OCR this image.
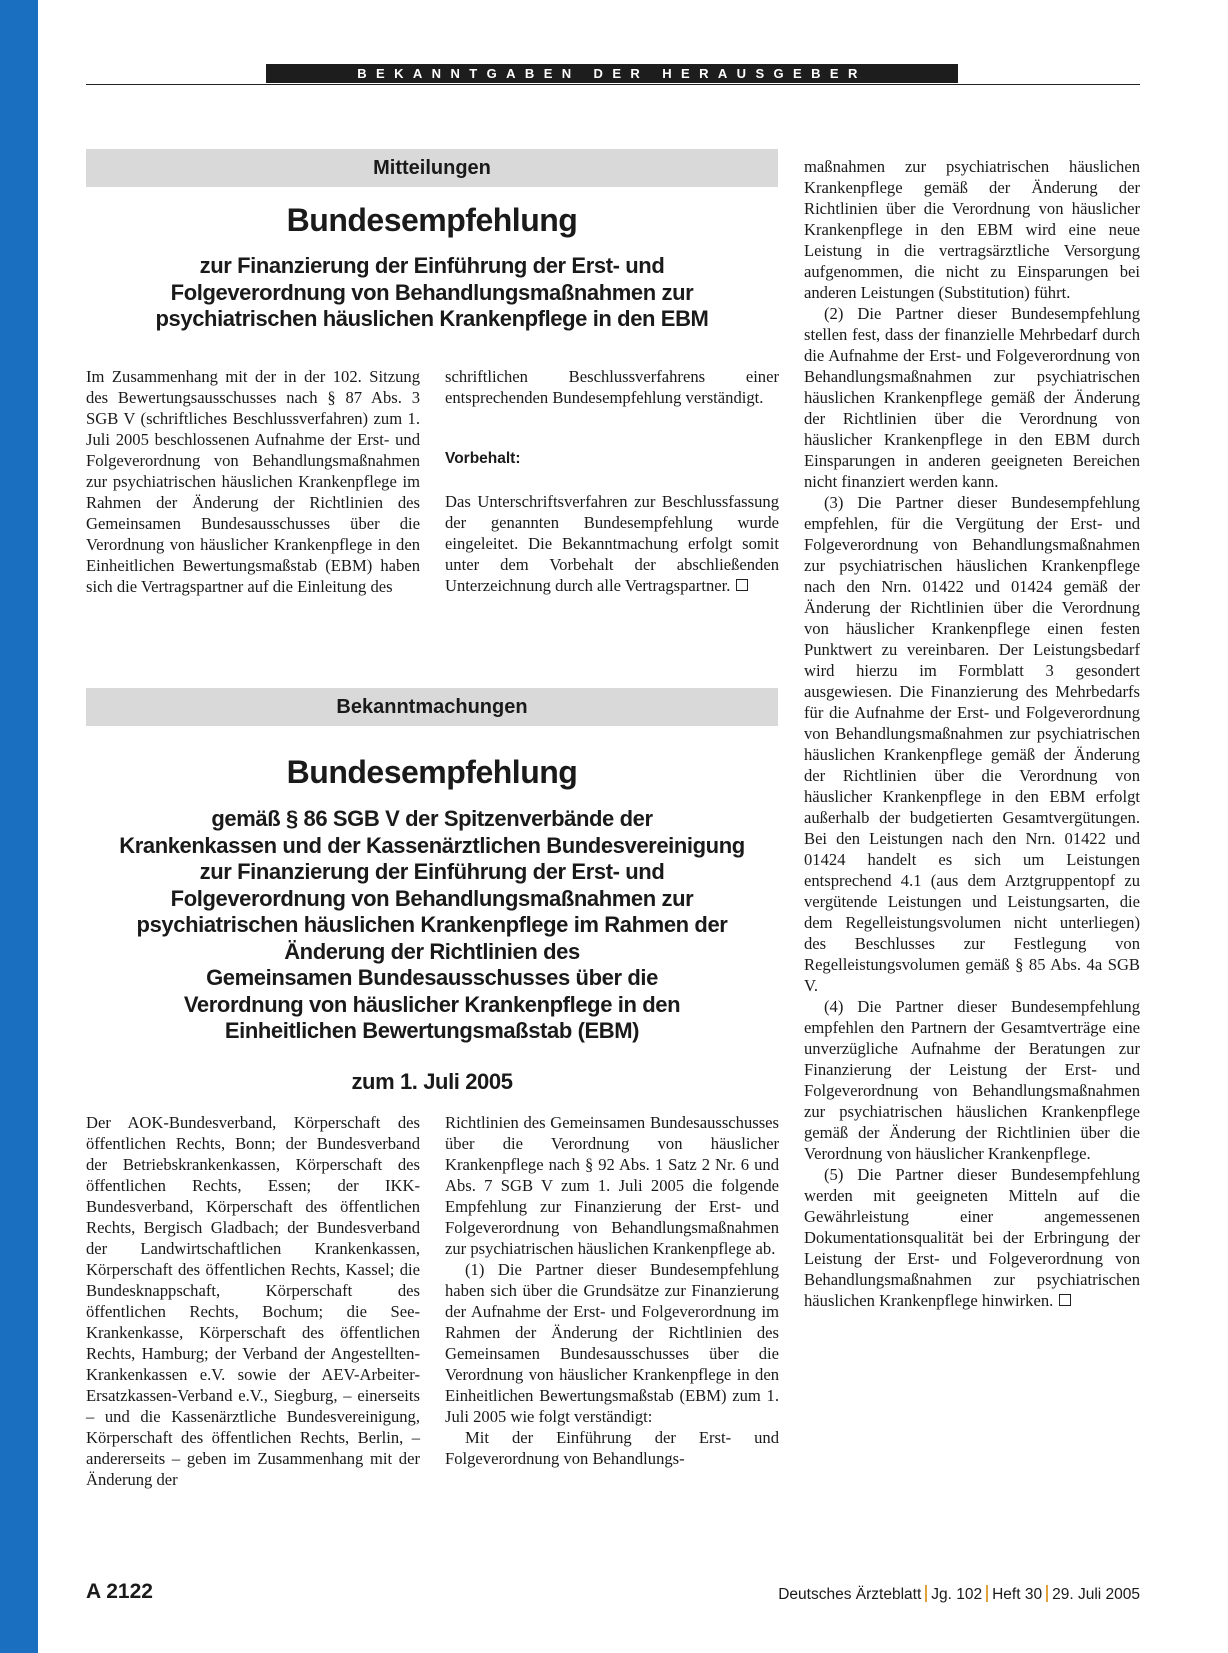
BEKANNTGABEN DER HERAUSGEBER
Mitteilungen
Bundesempfehlung
zur Finanzierung der Einführung der Erst- und
Folgeverordnung von Behandlungsmaßnahmen zur
psychiatrischen häuslichen Krankenpflege in den EBM

Im Zusammenhang mit der in der 102. Sitzung des Bewertungsausschusses nach § 87 Abs. 3 SGB V (schriftliches Beschlussverfahren) zum 1. Juli 2005 beschlossenen Aufnahme der Erst- und Folgeverordnung von Behandlungsmaßnahmen zur psychiatrischen häuslichen Krankenpflege im Rahmen der Änderung der Richtlinien des Gemeinsamen Bundesausschusses über die Verordnung von häuslicher Krankenpflege in den Einheitlichen Bewertungsmaßstab (EBM) haben sich die Vertragspartner auf die Einleitung des

schriftlichen Beschlussverfahrens einer entsprechenden Bundesempfehlung verständigt.

Vorbehalt:

Das Unterschriftsverfahren zur Beschlussfassung der genannten Bundesempfehlung wurde eingeleitet. Die Bekanntmachung erfolgt somit unter dem Vorbehalt der abschließenden Unterzeichnung durch alle Vertragspartner.

Bekanntmachungen
Bundesempfehlung
gemäß § 86 SGB V der Spitzenverbände der
Krankenkassen und der Kassenärztlichen Bundesvereinigung
zur Finanzierung der Einführung der Erst- und
Folgeverordnung von Behandlungsmaßnahmen zur
psychiatrischen häuslichen Krankenpflege im Rahmen der
Änderung der Richtlinien des
Gemeinsamen Bundesausschusses über die
Verordnung von häuslicher Krankenpflege in den
Einheitlichen Bewertungsmaßstab (EBM)
zum 1. Juli 2005

Der AOK-Bundesverband, Körperschaft des öffentlichen Rechts, Bonn; der Bundesverband der Betriebskrankenkassen, Körperschaft des öffentlichen Rechts, Essen; der IKK-Bundesverband, Körperschaft des öffentlichen Rechts, Bergisch Gladbach; der Bundesverband der Landwirtschaftlichen Krankenkassen, Körperschaft des öffentlichen Rechts, Kassel; die Bundesknappschaft, Körperschaft des öffentlichen Rechts, Bochum; die See-Krankenkasse, Körperschaft des öffentlichen Rechts, Hamburg; der Verband der Angestellten-Krankenkassen e.V. sowie der AEV-Arbeiter-Ersatzkassen-Verband e.V., Siegburg, – einerseits – und die Kassenärztliche Bundesvereinigung, Körperschaft des öffentlichen Rechts, Berlin, – andererseits – geben im Zusammenhang mit der Änderung der

Richtlinien des Gemeinsamen Bundesausschusses über die Verordnung von häuslicher Krankenpflege nach § 92 Abs. 1 Satz 2 Nr. 6 und Abs. 7 SGB V zum 1. Juli 2005 die folgende Empfehlung zur Finanzierung der Erst- und Folgeverordnung von Behandlungsmaßnahmen zur psychiatrischen häuslichen Krankenpflege ab.

(1) Die Partner dieser Bundesempfehlung haben sich über die Grundsätze zur Finanzierung der Aufnahme der Erst- und Folgeverordnung im Rahmen der Änderung der Richtlinien des Gemeinsamen Bundesausschusses über die Verordnung von häuslicher Krankenpflege in den Einheitlichen Bewertungsmaßstab (EBM) zum 1. Juli 2005 wie folgt verständigt:

Mit der Einführung der Erst- und Folgeverordnung von Behandlungs-

maßnahmen zur psychiatrischen häuslichen Krankenpflege gemäß der Änderung der Richtlinien über die Verordnung von häuslicher Krankenpflege in den EBM wird eine neue Leistung in die vertragsärztliche Versorgung aufgenommen, die nicht zu Einsparungen bei anderen Leistungen (Substitution) führt.

(2) Die Partner dieser Bundesempfehlung stellen fest, dass der finanzielle Mehrbedarf durch die Aufnahme der Erst- und Folgeverordnung von Behandlungsmaßnahmen zur psychiatrischen häuslichen Krankenpflege gemäß der Änderung der Richtlinien über die Verordnung von häuslicher Krankenpflege in den EBM durch Einsparungen in anderen geeigneten Bereichen nicht finanziert werden kann.

(3) Die Partner dieser Bundesempfehlung empfehlen, für die Vergütung der Erst- und Folgeverordnung von Behandlungsmaßnahmen zur psychiatrischen häuslichen Krankenpflege nach den Nrn. 01422 und 01424 gemäß der Änderung der Richtlinien über die Verordnung von häuslicher Krankenpflege einen festen Punktwert zu vereinbaren. Der Leistungsbedarf wird hierzu im Formblatt 3 gesondert ausgewiesen. Die Finanzierung des Mehrbedarfs für die Aufnahme der Erst- und Folgeverordnung von Behandlungsmaßnahmen zur psychiatrischen häuslichen Krankenpflege gemäß der Änderung der Richtlinien über die Verordnung von häuslicher Krankenpflege in den EBM erfolgt außerhalb der budgetierten Gesamtvergütungen. Bei den Leistungen nach den Nrn. 01422 und 01424 handelt es sich um Leistungen entsprechend 4.1 (aus dem Arztgruppentopf zu vergütende Leistungen und Leistungsarten, die dem Regelleistungsvolumen nicht unterliegen) des Beschlusses zur Festlegung von Regelleistungsvolumen gemäß § 85 Abs. 4a SGB V.

(4) Die Partner dieser Bundesempfehlung empfehlen den Partnern der Gesamtverträge eine unverzügliche Aufnahme der Beratungen zur Finanzierung der Leistung der Erst- und Folgeverordnung von Behandlungsmaßnahmen zur psychiatrischen häuslichen Krankenpflege gemäß der Änderung der Richtlinien über die Verordnung von häuslicher Krankenpflege.

(5) Die Partner dieser Bundesempfehlung werden mit geeigneten Mitteln auf die Gewährleistung einer angemessenen Dokumentationsqualität bei der Erbringung der Leistung der Erst- und Folgeverordnung von Behandlungsmaßnahmen zur psychiatrischen häuslichen Krankenpflege hinwirken.

A 2122	Deutsches Ärzteblatt Jg. 102 Heft 30 29. Juli 2005
